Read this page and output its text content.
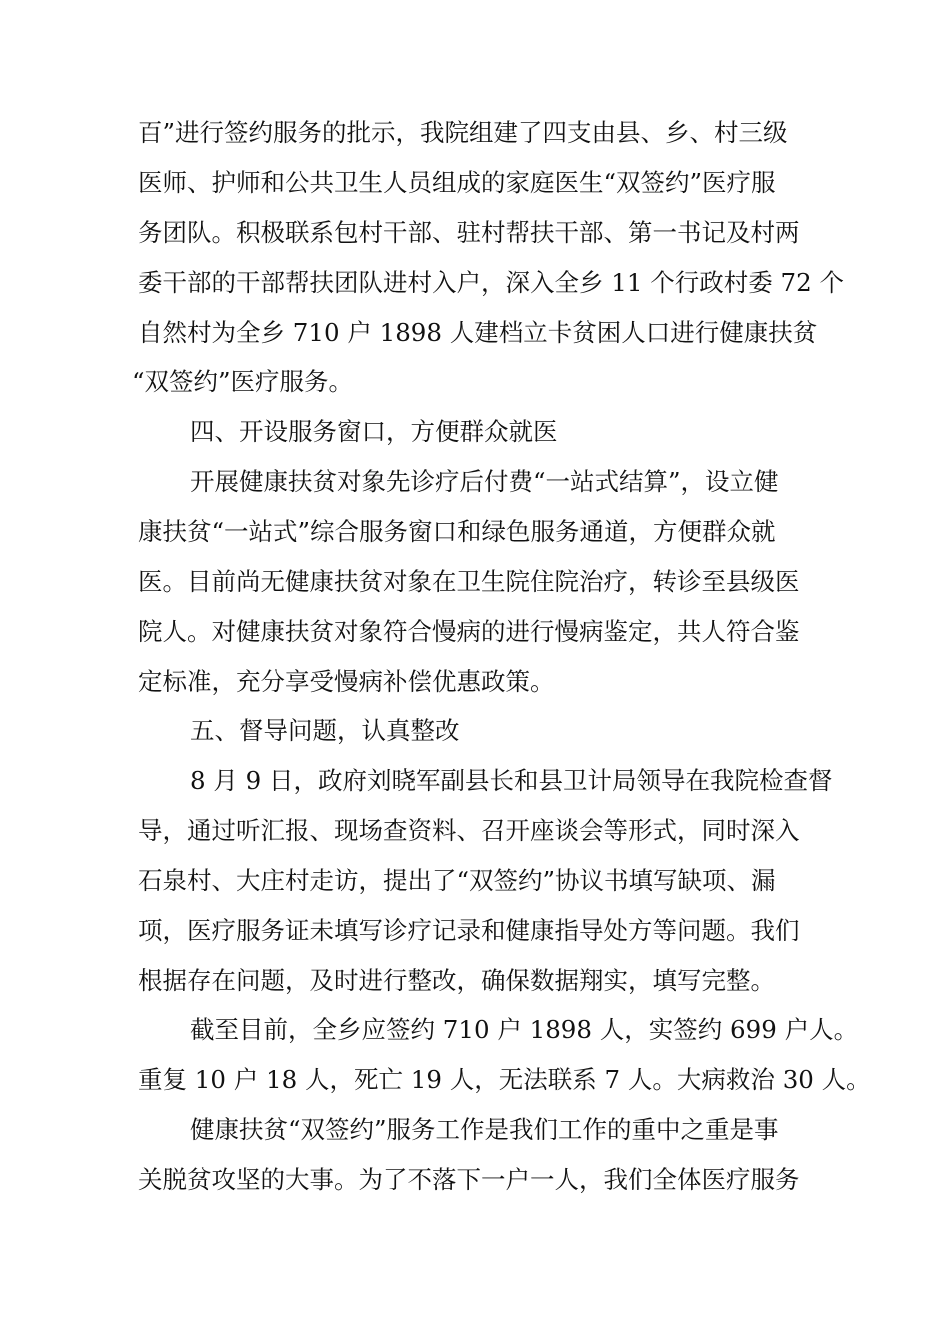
百”进行签约服务的批示，我院组建了四支由县、乡、村三级
医师、护师和公共卫生人员组成的家庭医生“双签约”医疗服
务团队。积极联系包村干部、驻村帮扶干部、第一书记及村两
委干部的干部帮扶团队进村入户，深入全乡 11 个行政村委 72 个
自然村为全乡 710 户 1898 人建档立卡贫困人口进行健康扶贫
“双签约”医疗服务。
四、开设服务窗口，方便群众就医
开展健康扶贫对象先诊疗后付费“一站式结算”，设立健
康扶贫“一站式”综合服务窗口和绿色服务通道，方便群众就
医。目前尚无健康扶贫对象在卫生院住院治疗，转诊至县级医
院人。对健康扶贫对象符合慢病的进行慢病鉴定，共人符合鉴
定标准，充分享受慢病补偿优惠政策。
五、督导问题，认真整改
8 月 9 日，政府刘晓军副县长和县卫计局领导在我院检查督
导，通过听汇报、现场查资料、召开座谈会等形式，同时深入
石泉村、大庄村走访，提出了“双签约”协议书填写缺项、漏
项，医疗服务证未填写诊疗记录和健康指导处方等问题。我们
根据存在问题，及时进行整改，确保数据翔实，填写完整。
截至目前，全乡应签约 710 户 1898 人，实签约 699 户人。
重复 10 户 18 人，死亡 19 人，无法联系 7 人。大病救治 30 人。
健康扶贫“双签约”服务工作是我们工作的重中之重是事
关脱贫攻坚的大事。为了不落下一户一人，我们全体医疗服务
